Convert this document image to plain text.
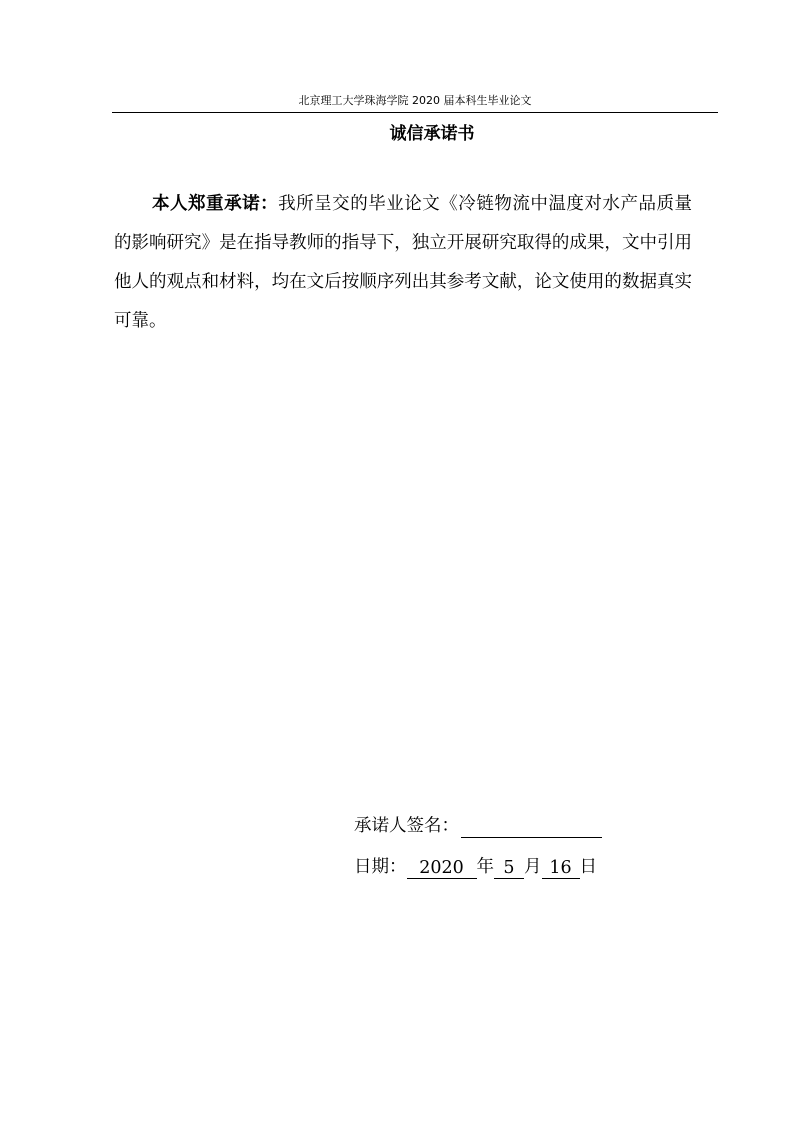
北京理工大学珠海学院 2020 届本科生毕业论文
诚信承诺书
本人郑重承诺：我所呈交的毕业论文《冷链物流中温度对水产品质量的影响研究》是在指导教师的指导下，独立开展研究取得的成果，文中引用他人的观点和材料，均在文后按顺序列出其参考文献，论文使用的数据真实可靠。
承诺人签名：
日期： 2020 年 5 月 16 日
